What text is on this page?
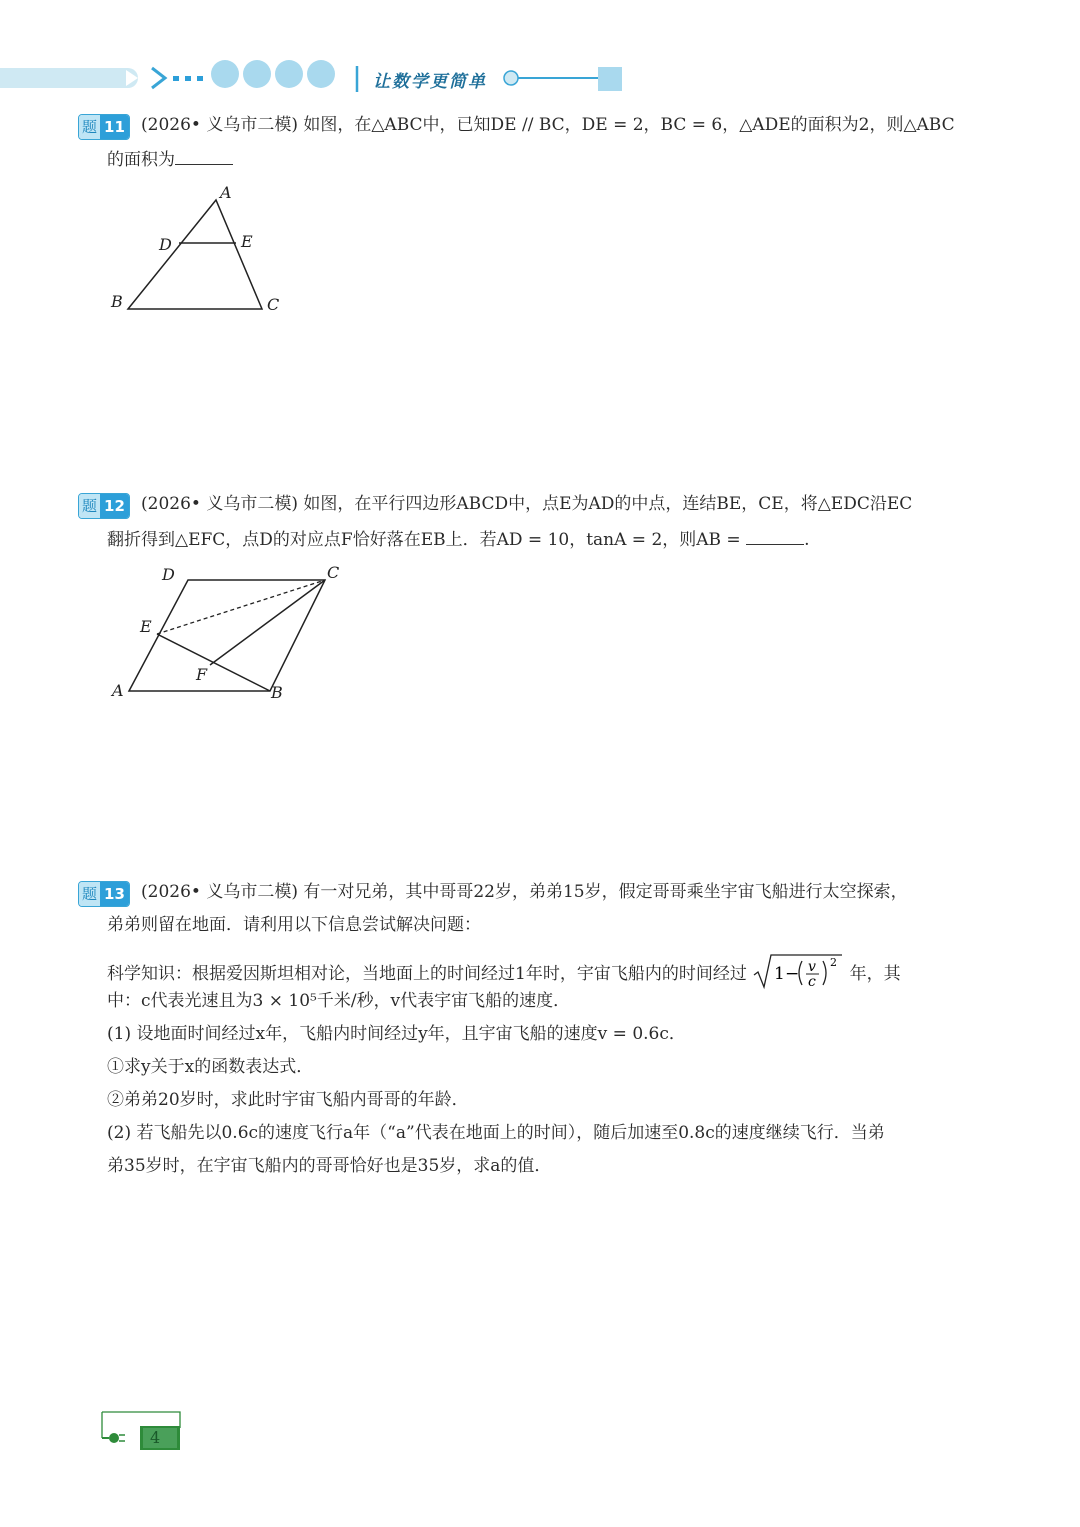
让数学更简单
题 11 (2026• 义乌市二模) 如图，在△ABC中，已知DE // BC，DE = 2，BC = 6，△ADE的面积为2，则△ABC
的面积为
A
D	E
B	C
题 12 (2026• 义乌市二模) 如图，在平行四边形ABCD中，点E为AD的中点，连结BE，CE，将△EDC沿EC
翻折得到△EFC，点D的对应点F恰好落在EB上．若AD = 10，tanA = 2，则AB =	.
D	C
E
F
A	B
题 13 (2026• 义乌市二模) 有一对兄弟，其中哥哥22岁，弟弟15岁，假定哥哥乘坐宇宙飞船进行太空探索，
弟弟则留在地面．请利用以下信息尝试解决问题：
科学知识：根据爱因斯坦相对论，当地面上的时间经过1年时，宇宙飞船内的时间经过 1 − v
c
2
年，其
中：c代表光速且为3 × 10⁵千米/秒，v代表宇宙飞船的速度．
(1) 设地面时间经过x年，飞船内时间经过y年，且宇宙飞船的速度v = 0.6c．
①求y关于x的函数表达式．
②弟弟20岁时，求此时宇宙飞船内哥哥的年龄．
(2) 若飞船先以0.6c的速度飞行a年（“a”代表在地面上的时间），随后加速至0.8c的速度继续飞行．当弟
弟35岁时，在宇宙飞船内的哥哥恰好也是35岁，求a的值．
4
